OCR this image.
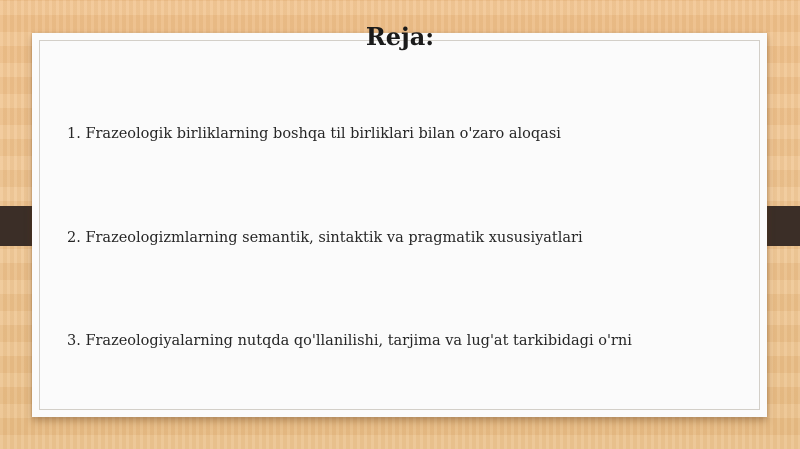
Reja:
1. Frazeologik birliklarning boshqa til birliklari bilan o'zaro aloqasi
2. Frazeologizmlarning semantik, sintaktik va pragmatik xususiyatlari
3. Frazeologiyalarning nutqda qo'llanilishi, tarjima va lug'at tarkibidagi o'rni
